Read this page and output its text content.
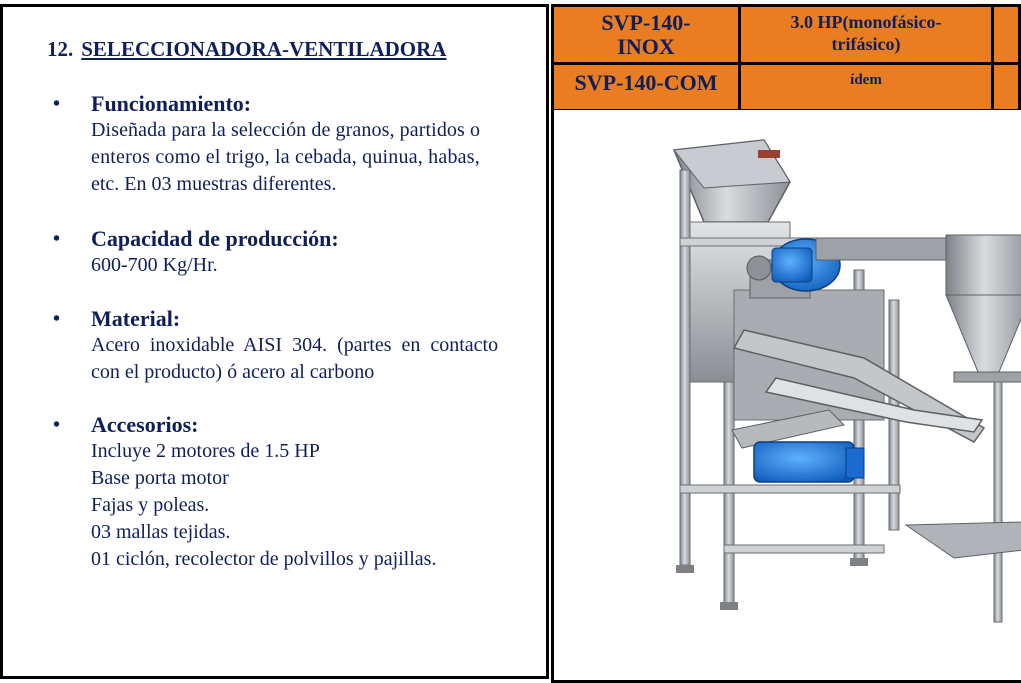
12. SELECCIONADORA-VENTILADORA
• Funcionamiento:
Diseñada para la selección de granos, partidos o
enteros como el trigo, la cebada, quinua, habas,
etc. En 03 muestras diferentes.
• Capacidad de producción:
600-700 Kg/Hr.
• Material:
Acero inoxidable AISI 304. (partes en contacto
con el producto) ó acero al carbono
• Accesorios:
Incluye 2 motores de 1.5 HP
Base porta motor
Fajas y poleas.
03 mallas tejidas.
01 ciclón, recolector de polvillos y pajillas.
SVP-140-
INOX
3.0 HP(monofásico-
trifásico)
SVP-140-COM	ídem
